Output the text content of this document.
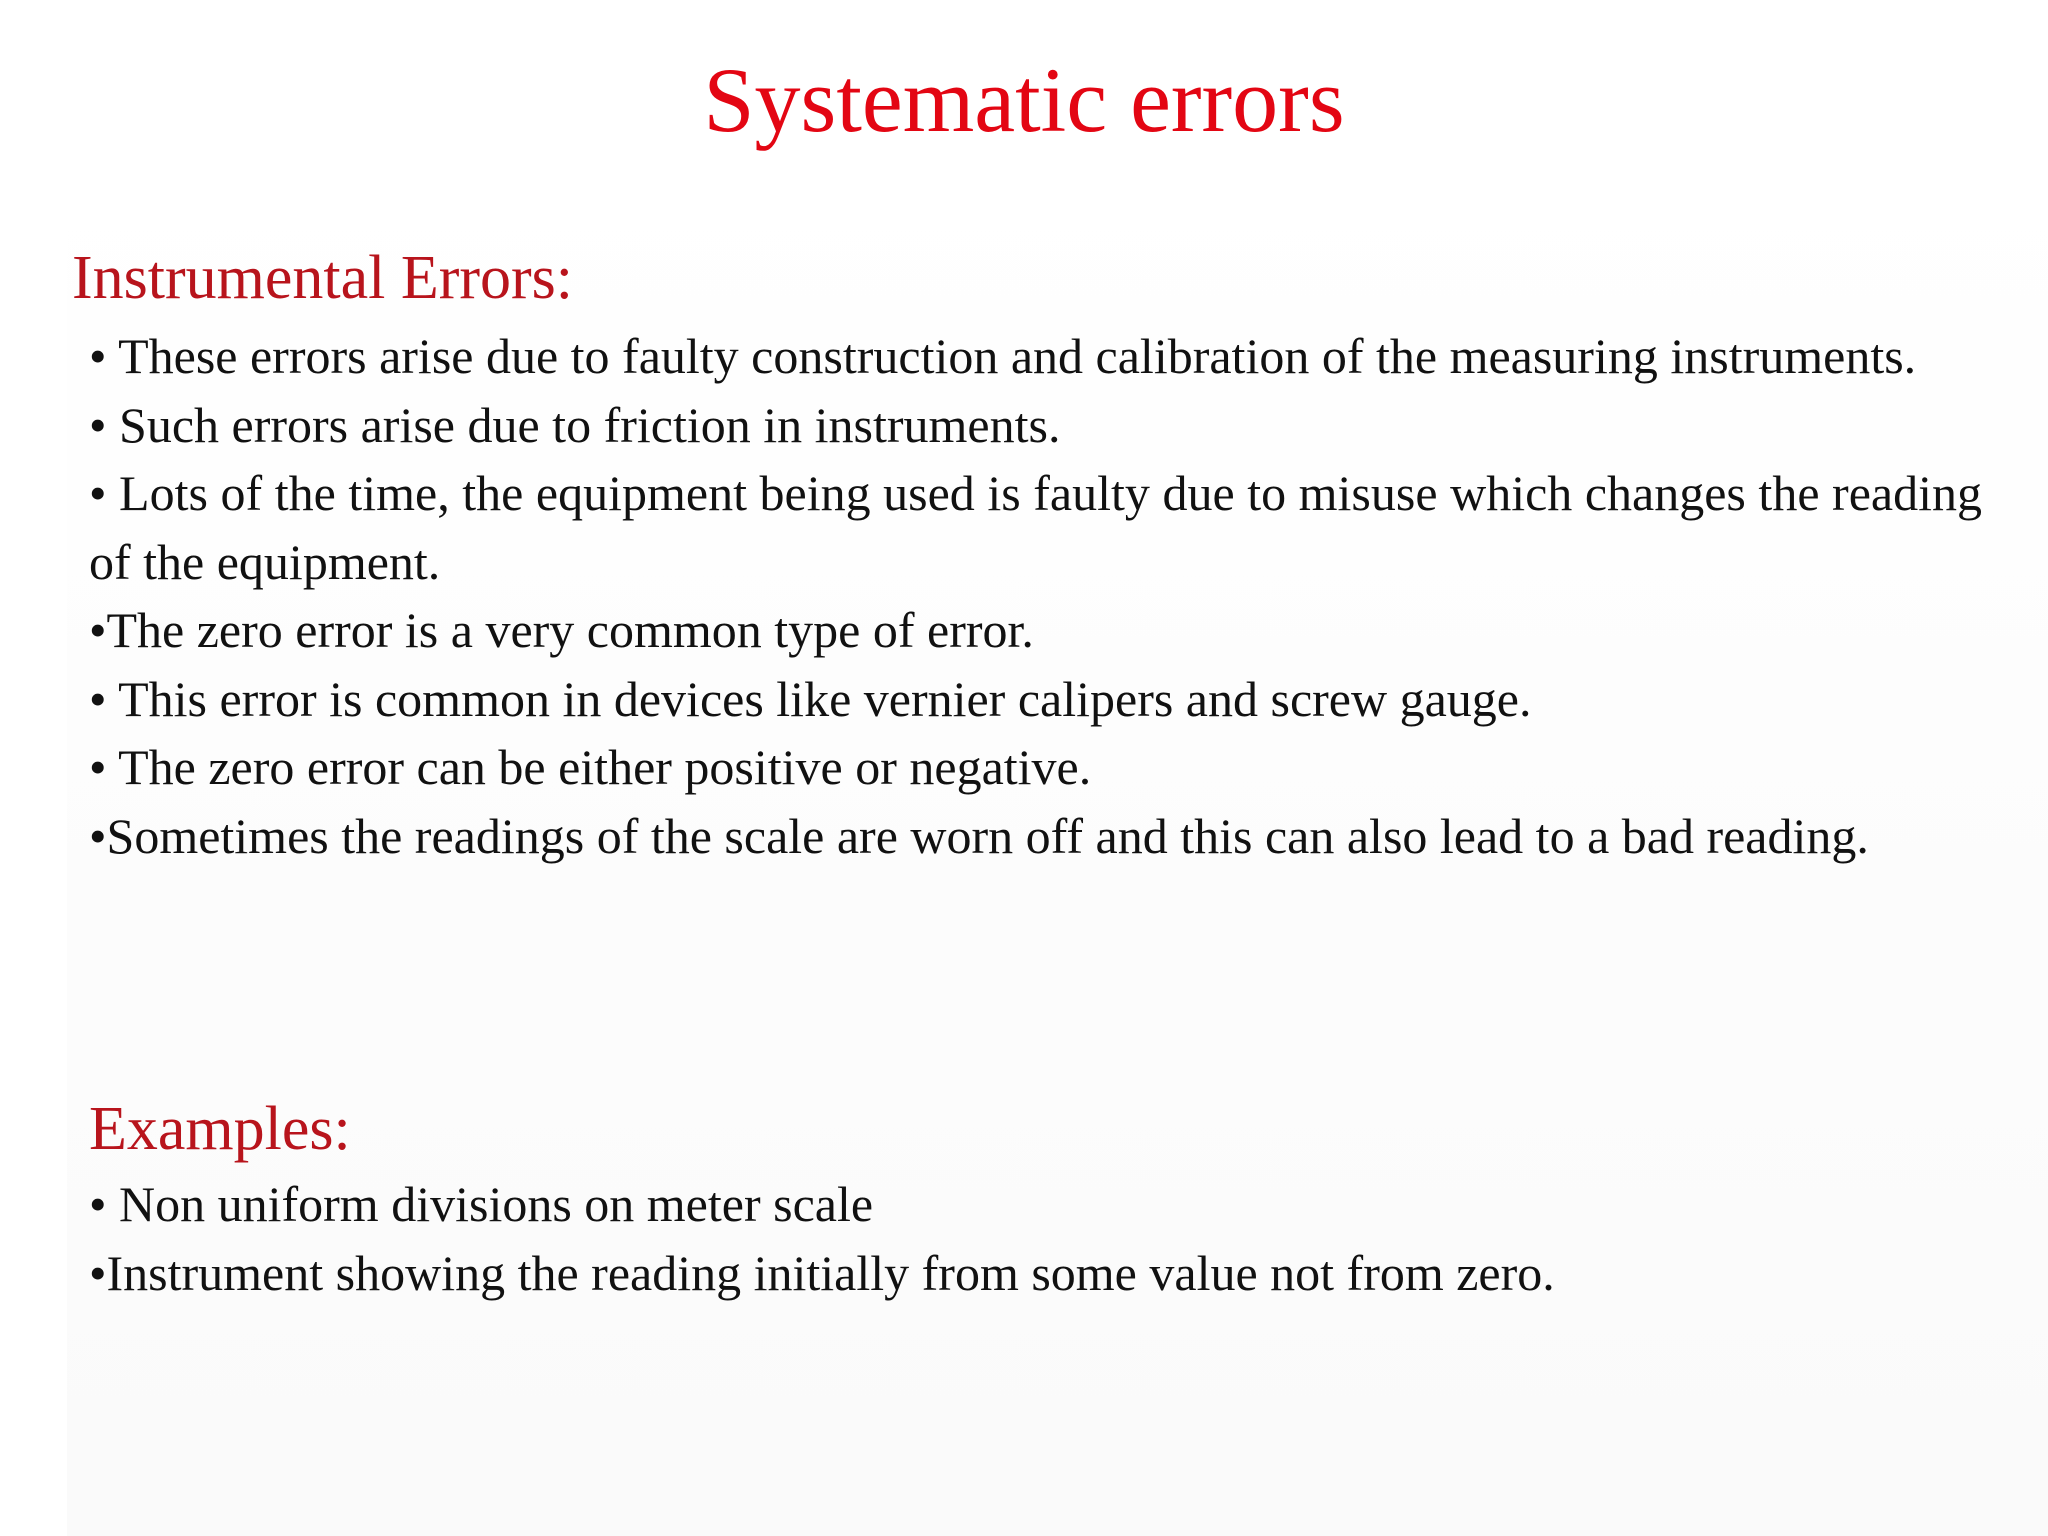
Systematic errors
Instrumental Errors:
• These errors arise due to faulty construction and calibration of the measuring instruments.
• Such errors arise due to friction in instruments.
• Lots of the time, the equipment being used is faulty due to misuse which changes the reading of the equipment.
•The zero error is a very common type of error.
• This error is common in devices like vernier calipers and screw gauge.
• The zero error can be either positive or negative.
•Sometimes the readings of the scale are worn off and this can also lead to a bad reading.
Examples:
• Non uniform divisions on meter scale
•Instrument showing the reading initially from some value not from zero.
